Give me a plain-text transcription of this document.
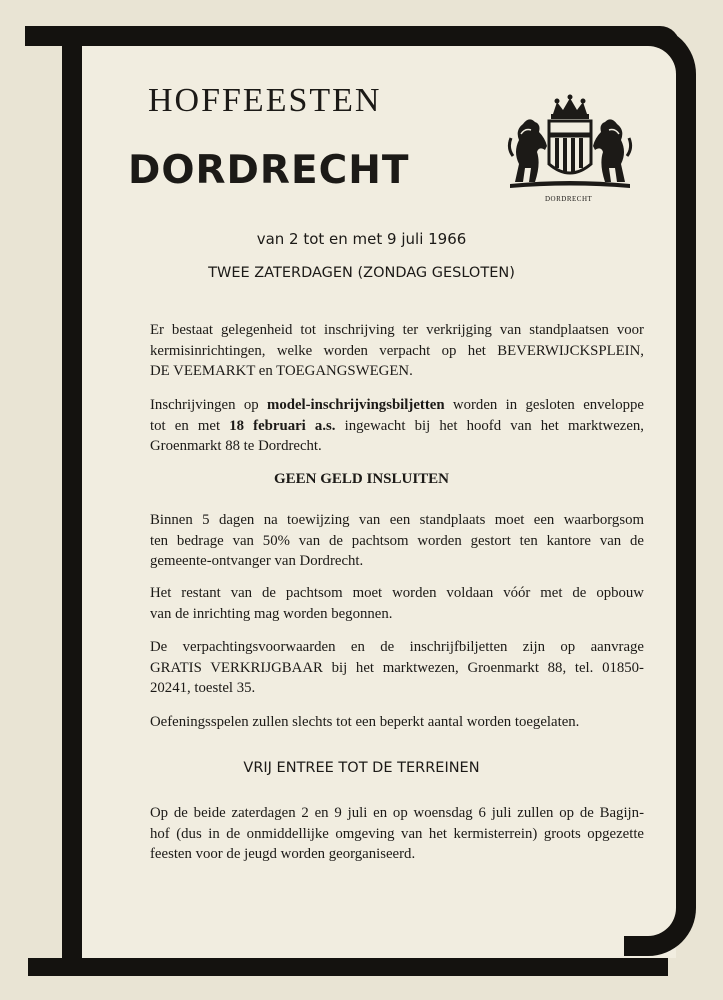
HOFFEESTEN
DORDRECHT
DORDRECHT
van 2 tot en met 9 juli 1966
TWEE ZATERDAGEN (ZONDAG GESLOTEN)
Er bestaat gelegenheid tot inschrijving ter verkrijging van standplaatsen voor
kermisinrichtingen, welke worden verpacht op het BEVERWIJCKSPLEIN,
DE VEEMARKT en TOEGANGSWEGEN.
Inschrijvingen op model-inschrijvingsbiljetten worden in gesloten enveloppe
tot en met 18 februari a.s. ingewacht bij het hoofd van het marktwezen,
Groenmarkt 88 te Dordrecht.
GEEN GELD INSLUITEN
Binnen 5 dagen na toewijzing van een standplaats moet een waarborgsom
ten bedrage van 50% van de pachtsom worden gestort ten kantore van de
gemeente-ontvanger van Dordrecht.
Het restant van de pachtsom moet worden voldaan vóór met de opbouw
van de inrichting mag worden begonnen.
De verpachtingsvoorwaarden en de inschrijfbiljetten zijn op aanvrage
GRATIS VERKRIJGBAAR bij het marktwezen, Groenmarkt 88, tel. 01850-
20241, toestel 35.
Oefeningsspelen zullen slechts tot een beperkt aantal worden toegelaten.
VRIJ ENTREE TOT DE TERREINEN
Op de beide zaterdagen 2 en 9 juli en op woensdag 6 juli zullen op de Bagijn-
hof (dus in de onmiddellijke omgeving van het kermisterrein) groots opgezette
feesten voor de jeugd worden georganiseerd.
